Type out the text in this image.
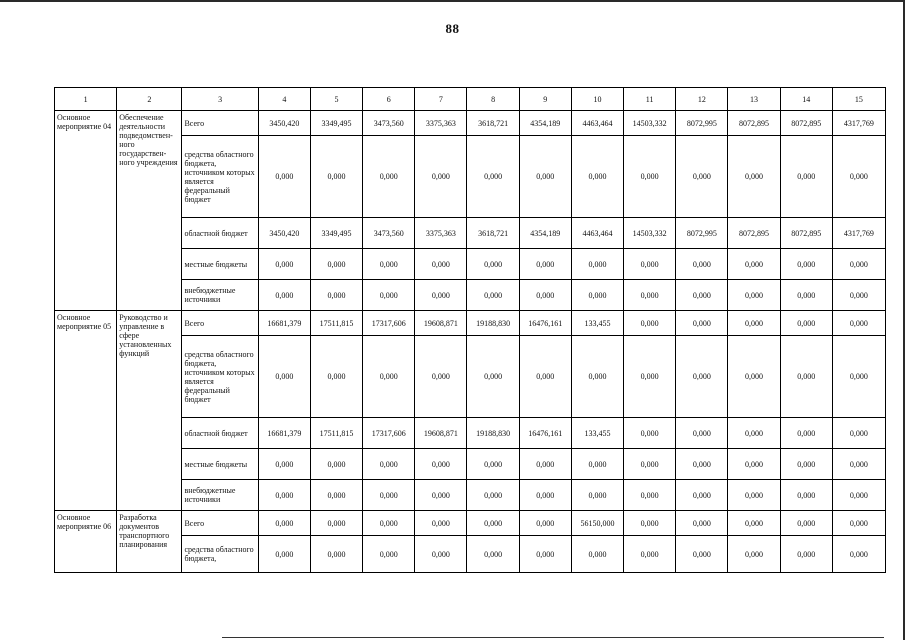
88
1	2	3	4	5	6	7	8	9	10	11	12	13	14	15
Основное мероприятие 04	Обеспечение деятельности подведомствен-ного государствен-ного учреждения	Всего	3450,420	3349,495	3473,560	3375,363	3618,721	4354,189	4463,464	14503,332	8072,995	8072,895	8072,895	4317,769
		средства областного бюджета, источником которых является федеральный бюджет	0,000	0,000	0,000	0,000	0,000	0,000	0,000	0,000	0,000	0,000	0,000	0,000
		областной бюджет	3450,420	3349,495	3473,560	3375,363	3618,721	4354,189	4463,464	14503,332	8072,995	8072,895	8072,895	4317,769
		местные бюджеты	0,000	0,000	0,000	0,000	0,000	0,000	0,000	0,000	0,000	0,000	0,000	0,000
		внебюджетные источники	0,000	0,000	0,000	0,000	0,000	0,000	0,000	0,000	0,000	0,000	0,000	0,000
Основное мероприятие 05	Руководство и управление в сфере установленных функций	Всего	16681,379	17511,815	17317,606	19608,871	19188,830	16476,161	133,455	0,000	0,000	0,000	0,000	0,000
		средства областного бюджета, источником которых является федеральный бюджет	0,000	0,000	0,000	0,000	0,000	0,000	0,000	0,000	0,000	0,000	0,000	0,000
		областной бюджет	16681,379	17511,815	17317,606	19608,871	19188,830	16476,161	133,455	0,000	0,000	0,000	0,000	0,000
		местные бюджеты	0,000	0,000	0,000	0,000	0,000	0,000	0,000	0,000	0,000	0,000	0,000	0,000
		внебюджетные источники	0,000	0,000	0,000	0,000	0,000	0,000	0,000	0,000	0,000	0,000	0,000	0,000
Основное мероприятие 06	Разработка документов транспортного планирования	Всего	0,000	0,000	0,000	0,000	0,000	0,000	56150,000	0,000	0,000	0,000	0,000	0,000
		средства областного бюджета,	0,000	0,000	0,000	0,000	0,000	0,000	0,000	0,000	0,000	0,000	0,000	0,000
